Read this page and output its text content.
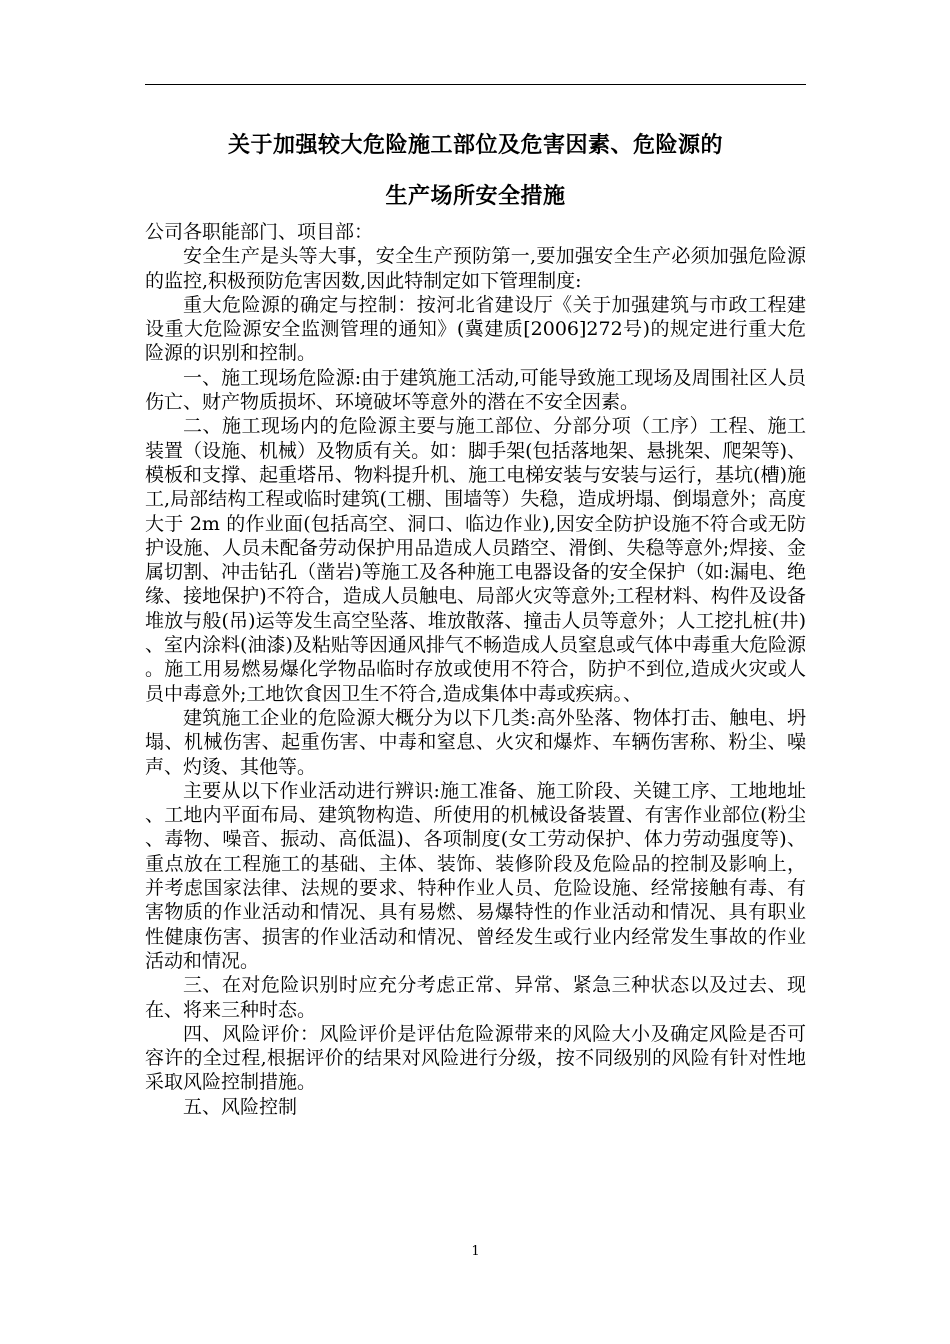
关于加强较大危险施工部位及危害因素、危险源的
生产场所安全措施

公司各职能部门、项目部：

安全生产是头等大事，安全生产预防第一,要加强安全生产必须加强危险源的监控,积极预防危害因数,因此特制定如下管理制度:

重大危险源的确定与控制：按河北省建设厅《关于加强建筑与市政工程建设重大危险源安全监测管理的通知》(冀建质[2006]272号)的规定进行重大危险源的识别和控制。

一、施工现场危险源:由于建筑施工活动,可能导致施工现场及周围社区人员伤亡、财产物质损坏、环境破坏等意外的潜在不安全因素。

二、施工现场内的危险源主要与施工部位、分部分项（工序）工程、施工装置（设施、机械）及物质有关。如：脚手架(包括落地架、悬挑架、爬架等)、模板和支撑、起重塔吊、物料提升机、施工电梯安装与安装与运行，基坑(槽)施工,局部结构工程或临时建筑(工棚、围墙等）失稳，造成坍塌、倒塌意外；高度大于 2m 的作业面(包括高空、洞口、临边作业),因安全防护设施不符合或无防护设施、人员未配备劳动保护用品造成人员踏空、滑倒、失稳等意外;焊接、金属切割、冲击钻孔（凿岩)等施工及各种施工电器设备的安全保护（如:漏电、绝缘、接地保护)不符合，造成人员触电、局部火灾等意外;工程材料、构件及设备堆放与般(吊)运等发生高空坠落、堆放散落、撞击人员等意外；人工挖扎桩(井)、室内涂料(油漆)及粘贴等因通风排气不畅造成人员窒息或气体中毒重大危险源。施工用易燃易爆化学物品临时存放或使用不符合，防护不到位,造成火灾或人员中毒意外;工地饮食因卫生不符合,造成集体中毒或疾病。、

建筑施工企业的危险源大概分为以下几类:高外坠落、物体打击、触电、坍塌、机械伤害、起重伤害、中毒和窒息、火灾和爆炸、车辆伤害称、粉尘、噪声、灼烫、其他等。

主要从以下作业活动进行辨识:施工准备、施工阶段、关键工序、工地地址、工地内平面布局、建筑物构造、所使用的机械设备装置、有害作业部位(粉尘、毒物、噪音、振动、高低温)、各项制度(女工劳动保护、体力劳动强度等)、重点放在工程施工的基础、主体、装饰、装修阶段及危险品的控制及影响上，并考虑国家法律、法规的要求、特种作业人员、危险设施、经常接触有毒、有害物质的作业活动和情况、具有易燃、易爆特性的作业活动和情况、具有职业性健康伤害、损害的作业活动和情况、曾经发生或行业内经常发生事故的作业活动和情况。

三、在对危险识别时应充分考虑正常、异常、紧急三种状态以及过去、现在、将来三种时态。

四、风险评价：风险评价是评估危险源带来的风险大小及确定风险是否可容许的全过程,根据评价的结果对风险进行分级，按不同级别的风险有针对性地采取风险控制措施。

五、风险控制

1
